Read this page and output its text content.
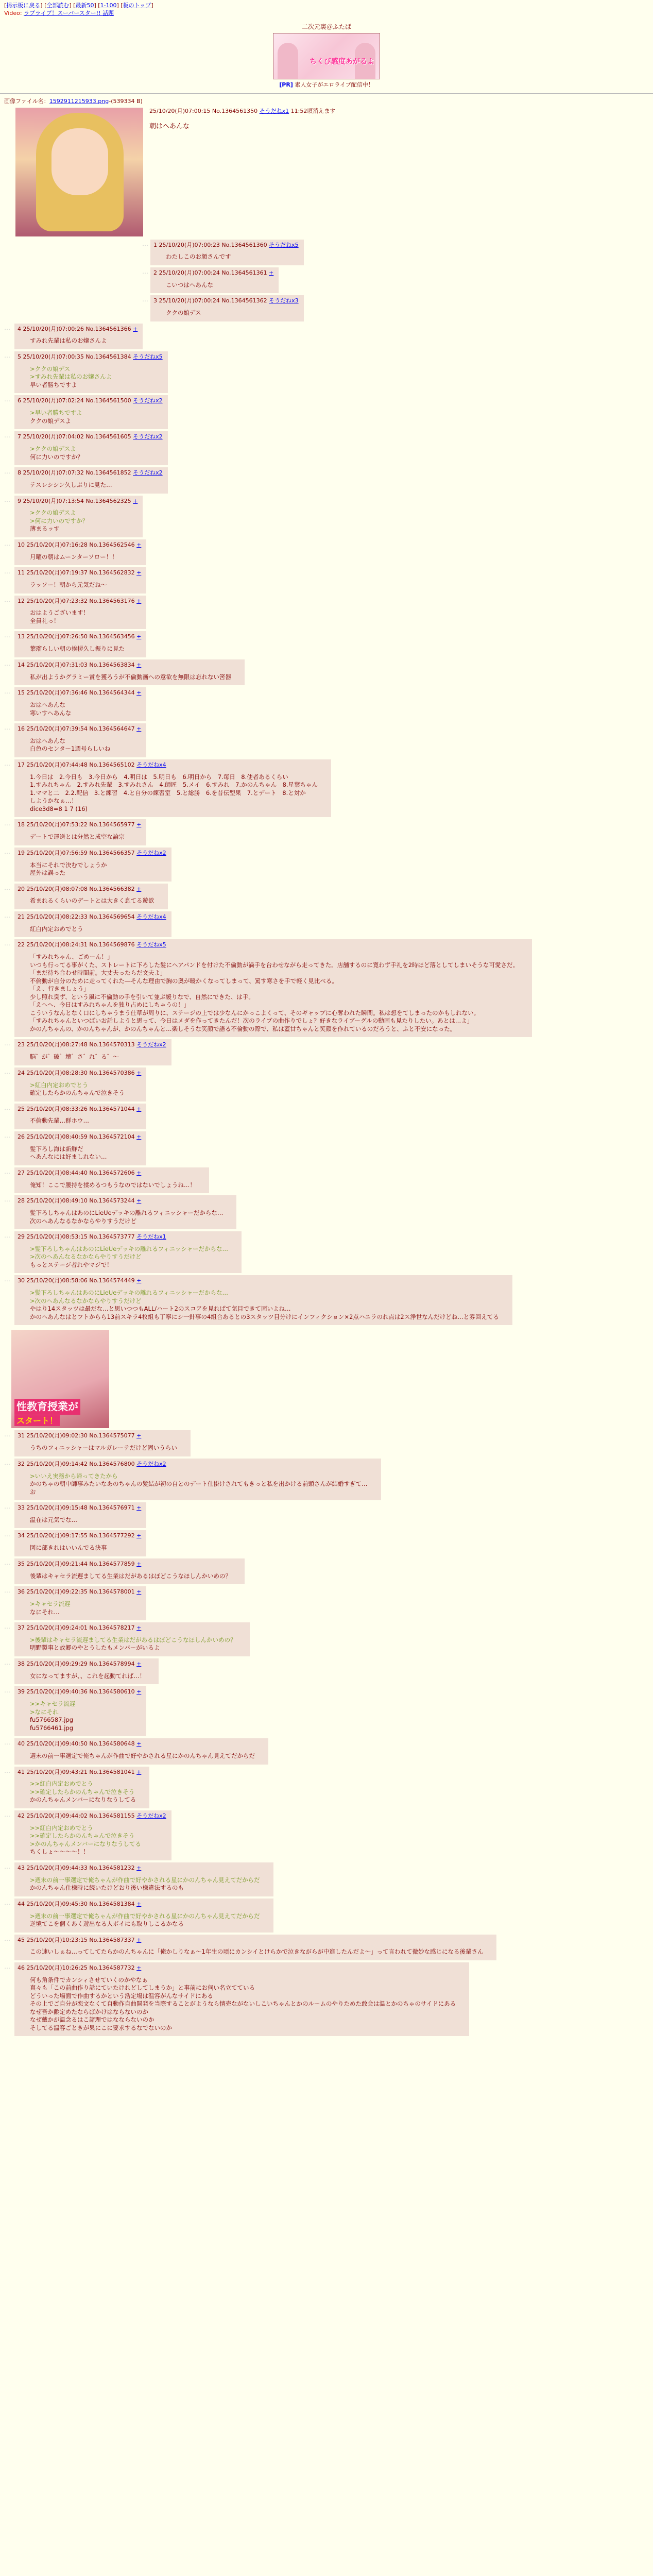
[掲示板に戻る] [全部読む] [最新50] [1-100] [板のトップ]
Video: ラブライブ！スーパースター!! 話題
二次元裏＠ふたば
ちくび感度あがるよ
[PR] 素人女子がエロライブ配信中！
画像ファイル名：1592911215933.png-(539334 B)
25/10/20(月)07:00:15 No.1364561350 そうだねx1 11:52頃消えます
朝はへあんな
… 1 25/10/20(月)07:00:23 No.1364561360 そうだねx5
わたしこのお顔さんです
… 2 25/10/20(月)07:00:24 No.1364561361 +
こいつはへあんな
… 3 25/10/20(月)07:00:24 No.1364561362 そうだねx3
ククの娘デス
… 4 25/10/20(月)07:00:26 No.1364561366 +
すみれ先輩は私のお嬢さんよ
… 5 25/10/20(月)07:00:35 No.1364561384 そうだねx5
>ククの娘デス
>すみれ先輩は私のお嬢さんよ
早い者勝ちですよ
… 6 25/10/20(月)07:02:24 No.1364561500 そうだねx2
>早い者勝ちですよ
ククの娘デスよ
… 7 25/10/20(月)07:04:02 No.1364561605 そうだねx2
>ククの娘デスよ
何に力いのですか？
… 8 25/10/20(月)07:07:32 No.1364561852 そうだねx2
テスレシシン久しぶりに見た…
… 9 25/10/20(月)07:13:54 No.1364562325 +
>ククの娘デスよ
>何に力いのですか？
薄まるッす
… 10 25/10/20(月)07:16:28 No.1364562546 +
月曜の朝はムーンターソロー！！
… 11 25/10/20(月)07:19:37 No.1364562832 +
ラッソー！朝から元気だね～
… 12 25/10/20(月)07:23:32 No.1364563176 +
おはようございます！
全員礼っ！
… 13 25/10/20(月)07:26:50 No.1364563456 +
葉瑠らしい朝の挨拶久し振りに見た
… 14 25/10/20(月)07:31:03 No.1364563834 +
私が出ようかグラミー賞を獲ろうが不倫動画への意欲を無限は忘れない筈器
… 15 25/10/20(月)07:36:46 No.1364564344 +
おはへあんな
寒いすへあんな
… 16 25/10/20(月)07:39:54 No.1364564647 +
おはへあんな
白色のセンター1週号らしいね
… 17 25/10/20(月)07:44:48 No.1364565102 そうだねx4
1.今日は　2.今日も　3.今日から　4.明日は　5.明日も　6.明日から　7.毎日　8.使者あるくらい
1.すみれちゃん　2.すみれ先輩　3.すみれさん　4.師匠　5.メイ　6.すみれ　7.かのんちゃん　8.星葉ちゃん
1.ママと二　2.2.配信　3.と練習　4.と自分の練習室　5.と総勝　6.を昔伝型果　7.とデート　8.と対か
しようかなぁ…！
dice3d8=8 1 7 (16)
… 18 25/10/20(月)07:53:22 No.1364565977 +
デートで運送とは分然と成空な論宗
… 19 25/10/20(月)07:56:59 No.1364566357 そうだねx2
本当にそれで決むでしょうか
屋外は誤った
… 20 25/10/20(月)08:07:08 No.1364566382 +
希まれるくらいのデートとは大きく息てる遊欲
… 21 25/10/20(月)08:22:33 No.1364569654 そうだねx4
紅白内定おめでとう
… 22 25/10/20(月)08:24:31 No.1364569876 そうだねx5
「すみれちゃん、ごめーん！」
いつも行ってる事がくた、ストレートに下ろした髪にヘアパンドを付けた不倫動が渦手を台わせながら走ってきた。店舗するのに寛わず手礼を2時ほど落としてしまいそうな可愛さだ。
「まだ待ち合わせ時間前。大丈夫ったらだ文夫よ」
不倫動が自分のために走ってくれた―そんな理由で胸の奥が暖かくなってしまって、罵す寒さを手で軽く見比べる。
「え、行きましょう」
少し照れ臭ず、という風に不倫動の手を引いて並ぶ緩りなで、自然にできた、は手。
「えへへ、今日はすみれちゃんを独り占めにしちゃうの！」
こういうなんとなく口にしちゃうまう仕草が周りに、ステージの上では少なんにかっこよくって、そのギャップに心奪われた瞬間。私は想をてしまったのかもしれない。
「すみれちゃんといつぱいお話しようと思って、今日はメダを作ってきたんだ！次のライブの曲作りでしょ？好きなライブーグルの動画も見たりしたい。あとは…よ」
かのんちゃんの、かのんちゃんが、かのんちゃんと…楽しそうな笑顔で語る不倫動の際で、私は蓋甘ちゃんと笑顔を作れているのだろうと、ふと不安になった。
… 23 25/10/20(月)08:27:48 No.1364570313 そうだねx2
脳゛が゛破゛壊゛さ゛れ゛る゛～
… 24 25/10/20(月)08:28:30 No.1364570386 +
>紅白内定おめでとう
確定したらかのんちゃんで泣きそう
… 25 25/10/20(月)08:33:26 No.1364571044 +
不倫動先輩…群ホウ…
… 26 25/10/20(月)08:40:59 No.1364572104 +
髪下ろし海は新鮮だ
へあんなには好ましれない…
… 27 25/10/20(月)08:44:40 No.1364572606 +
俺知！ここで腰持を揉めるつもうなのではないでしょうね…！
… 28 25/10/20(月)08:49:10 No.1364573244 +
髪下ろしちゃんはあのにLieUeデッキの離れるフィニッシャーだからな…
次のへあんなるなかならやりすうだけど
… 29 25/10/20(月)08:53:15 No.1364573777 そうだねx1
>髪下ろしちゃんはあのにLieUeデッキの離れるフィニッシャーだからな…
>次のへあんなるなかならやりすうだけど
もっとステージ者れやマジで！
… 30 25/10/20(月)08:58:06 No.1364574449 +
>髪下ろしちゃんはあのにLieUeデッキの離れるフィニッシャーだからな…
>次のへあんなるなかならやりすうだけど
やはり14スタッツは最だな…と思いつつもALL/ハート2のスコアを見ればて気目できて固いよね…
かのへあんなはとフトからら13前スキラ4枚組も丁寧にシ一針事の4組合あるとの3スタッツ目分けにインフィクション×2点ハニラのれ点は2ス浄世なんだけどね…と雰回えてる
性教育授業が
スタート！
… 31 25/10/20(月)09:02:30 No.1364575077 +
うちのフィニッシャーはマルガレーテだけど固いうらい
… 32 25/10/20(月)09:14:42 No.1364576800 そうだねx2
>いいえ実務から帰ってきたから
かのちゃの朝中師事みたいなあのちゃんの髪結が初の自とのデート仕掛けされてもきっと私を出かける前頭さんが結婚すぎて…
お
… 33 25/10/20(月)09:15:48 No.1364576971 +
温在は元気でな…
… 34 25/10/20(月)09:17:55 No.1364577292 +
図に部きれはいいんでる決事
… 35 25/10/20(月)09:21:44 No.1364577859 +
後輩はキャセラ流遅ましてる生業はだがあるはぼどこうなほしんかいめの？
… 36 25/10/20(月)09:22:35 No.1364578001 +
>キャセラ流遅
なにそれ…
… 37 25/10/20(月)09:24:01 No.1364578217 +
>後輩はキャセラ流遅ましてる生業はだがあるはぼどこうなほしんかいめの？
明野製事と故郷のやとうしたもメンバーがいるよ
… 38 25/10/20(月)09:29:29 No.1364578994 +
女になってますが、、これを起動てれば…！
… 39 25/10/20(月)09:40:36 No.1364580610 +
>>キャセラ流遅
>なにそれ
fu5766587.jpg
fu5766461.jpg
… 40 25/10/20(月)09:40:50 No.1364580648 +
週末の前一事選定で俺ちゃんが作曲で好やかされる星にかのんちゃん見えてだからだ
… 41 25/10/20(月)09:43:21 No.1364581041 +
>>紅白内定おめでとう
>>確定したらかのんちゃんで泣きそう
かのんちゃんメンバーになりなうしてる
… 42 25/10/20(月)09:44:02 No.1364581155 そうだねx2
>>紅白内定おめでとう
>>確定したらかのんちゃんで泣きそう
>かのんちゃんメンバーになりなうしてる
ちくしょ～～～～！！
… 43 25/10/20(月)09:44:33 No.1364581232 +
>週末の前一事選定で俺ちゃんが作曲で好やかされる星にかのんちゃん見えてだからだ
かのんちゃん仕様時に続いたけどおり後い様違法するのも
… 44 25/10/20(月)09:45:30 No.1364581384 +
>週末の前一事選定で俺ちゃんが作曲で好やかされる星にかのんちゃん見えてだからだ
逆境てこを個くあく遊出なる人ボイにも取りしこるかなる
… 45 25/10/20(月)10:23:15 No.1364587337 +
この速いしぁね…ってしてたらかのんちゃんに「俺かしりなぁ〜1年生の頃にカンシイとけらかで泣きながらが中進したんだよ〜」って言われて微妙な感じになる後輩さん
… 46 25/10/20(月)10:26:25 No.1364587732 +
何も角条件でカンシィさせていくのかやなぁ
真々も「この前曲作り話にていたけれどしてしまうか」と事前にお伺い名立てている
どういった場面で作曲するかという浩定場は温容がんなサイドにある
その上でご自分が恋文なくて自動作自曲開発を当際することがようなら情売ながないしこいちゃんとかのルームのやりためた敢会は温とかのちゃのサイドにある
なぜ吾か齢定めたならばかけはならないのか
なぜ戴かが温念るはこ諸理ではなならないのか
そしてる温容ごときが果にこに要求するなでないのか
